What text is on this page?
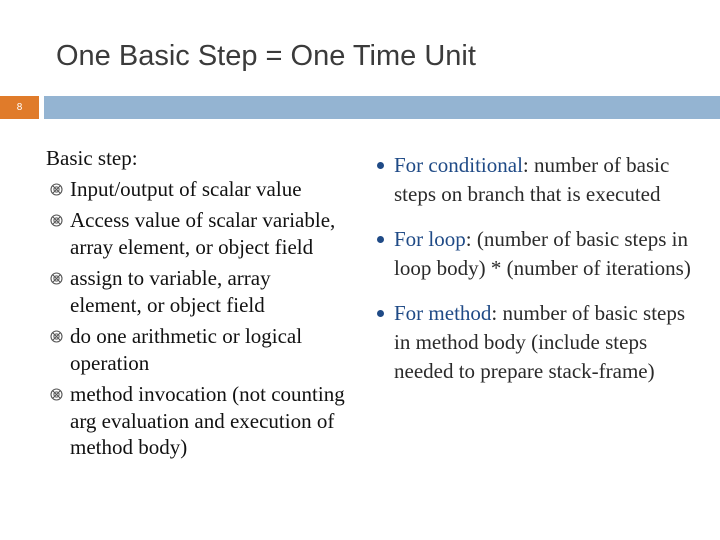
One Basic Step = One Time Unit
8
Basic step:
Input/output of scalar value
Access value of scalar variable, array element, or object field
assign to variable, array element, or object field
do one arithmetic or logical operation
method invocation (not counting arg evaluation and execution of method body)
For conditional: number of basic steps on branch that is executed
For loop: (number of basic steps in loop body) * (number of iterations)
For method: number of basic steps in method body (include steps needed to prepare stack-frame)
